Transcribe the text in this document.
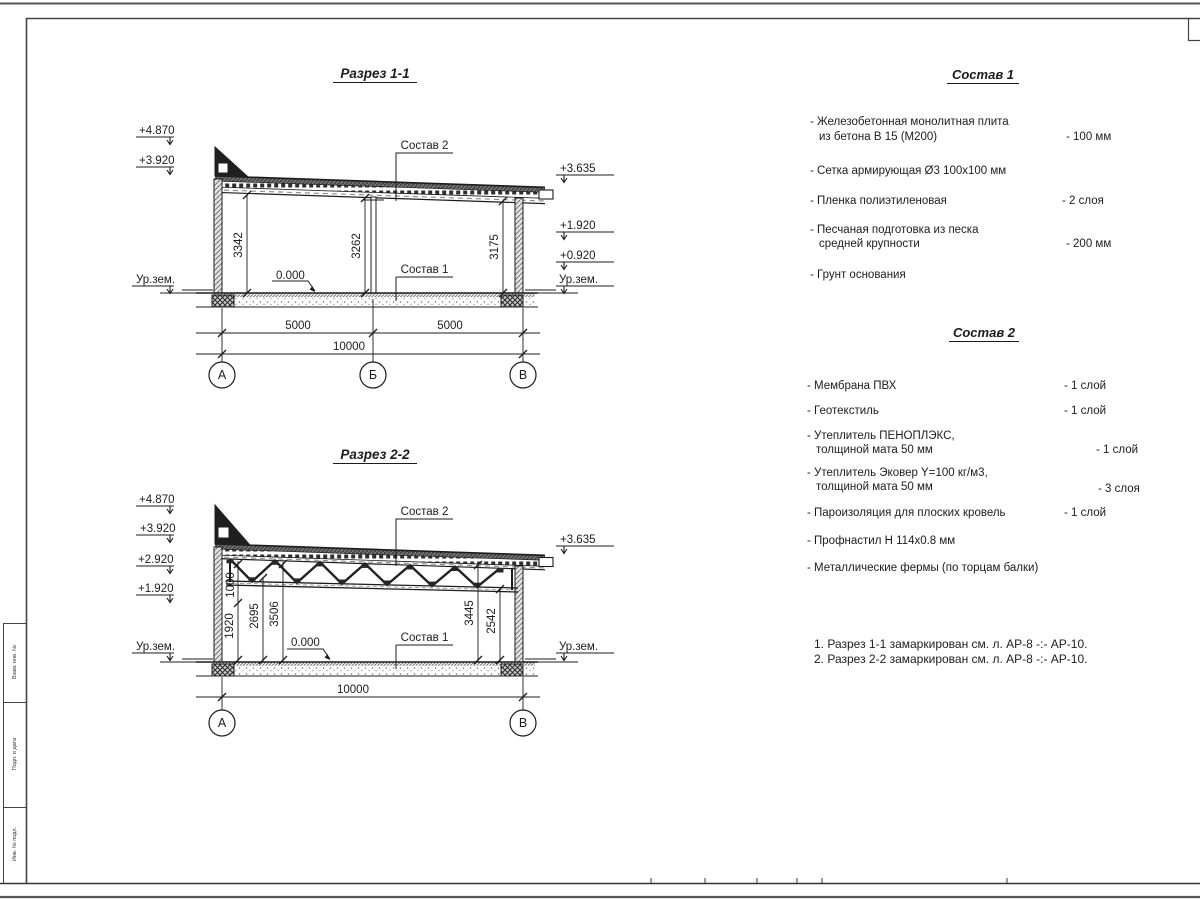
Разрез 1-1
+4.870
+3.920
Ур.зем.
+3.635
+1.920
+0.920
Ур.зем.
0.000
Состав 2
Состав 1
3342	3262	3175
5000	5000
10000
А	Б	В
Разрез 2-2
+4.870
+3.920
+2.920
+1.920
Ур.зем.
+3.635
Ур.зем.
0.000
Состав 2
Состав 1
1000
1920 2695 3506	3445 2542
10000
А	В
Состав 1
- Железобетонная монолитная плита
из бетона В 15 (М200)	- 100 мм
- Сетка армирующая Ø3 100х100 мм
- Пленка полиэтиленовая	- 2 слоя
- Песчаная подготовка из песка
средней крупности	- 200 мм
- Грунт основания
Состав 2
- Мембрана ПВХ	- 1 слой
- Геотекстиль	- 1 слой
- Утеплитель ПЕНОПЛЭКС,
толщиной мата 50 мм	- 1 слой
- Утеплитель Эковер Y=100 кг/м3,
толщиной мата 50 мм	- 3 слоя
- Пароизоляция для плоских кровель	- 1 слой
- Профнастил Н 114х0.8 мм
- Металлические фермы (по торцам балки)
1. Разрез 1-1 замаркирован см. л. АР-8 -:- АР-10.
2. Разрез 2-2 замаркирован см. л. АР-8 -:- АР-10.
Взам. инв. №
Подп. и дата
Инв. № подл.
